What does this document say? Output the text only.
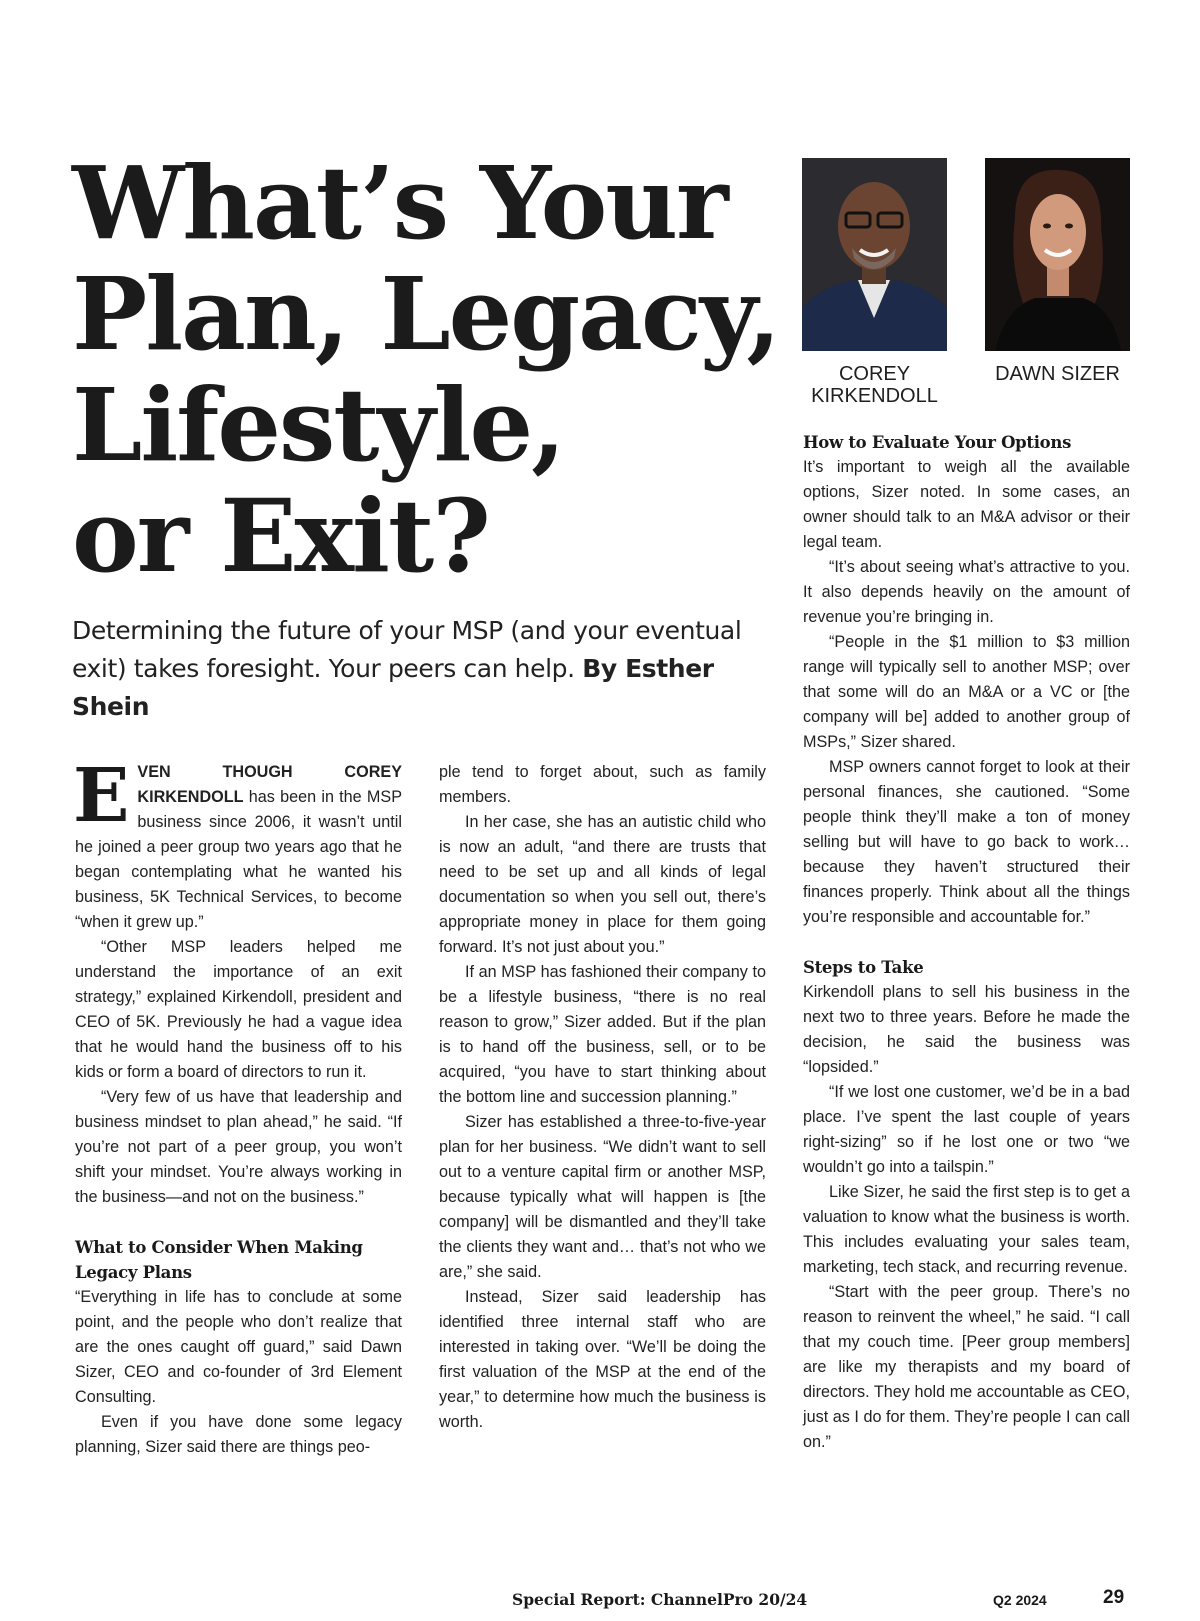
What’s Your
Plan, Legacy,
Lifestyle,
or Exit?
Determining the future of your MSP (and your eventual exit) takes foresight. Your peers can help. By Esther Shein
COREY KIRKENDOLL
DAWN SIZER

EVEN THOUGH COREY KIRKENDOLL has been in the MSP business since 2006, it wasn’t until he joined a peer group two years ago that he began contemplating what he wanted his business, 5K Technical Services, to become “when it grew up.”

“Other MSP leaders helped me understand the importance of an exit strategy,” explained Kirkendoll, president and CEO of 5K. Previously he had a vague idea that he would hand the business off to his kids or form a board of directors to run it.

“Very few of us have that leadership and business mindset to plan ahead,” he said. “If you’re not part of a peer group, you won’t shift your mindset. You’re always working in the business—and not on the business.”

What to Consider When Making Legacy Plans

“Everything in life has to conclude at some point, and the people who don’t realize that are the ones caught off guard,” said Dawn Sizer, CEO and co-founder of 3rd Element Consulting.

Even if you have done some legacy planning, Sizer said there are things peo-

ple tend to forget about, such as family members.

In her case, she has an autistic child who is now an adult, “and there are trusts that need to be set up and all kinds of legal documentation so when you sell out, there’s appropriate money in place for them going forward. It’s not just about you.”

If an MSP has fashioned their company to be a lifestyle business, “there is no real reason to grow,” Sizer added. But if the plan is to hand off the business, sell, or to be acquired, “you have to start thinking about the bottom line and succession planning.”

Sizer has established a three-to-five-year plan for her business. “We didn’t want to sell out to a venture capital firm or another MSP, because typically what will happen is [the company] will be dismantled and they’ll take the clients they want and… that’s not who we are,” she said.

Instead, Sizer said leadership has identified three internal staff who are interested in taking over. “We’ll be doing the first valuation of the MSP at the end of the year,” to determine how much the business is worth.

How to Evaluate Your Options

It’s important to weigh all the available options, Sizer noted. In some cases, an owner should talk to an M&A advisor or their legal team.

“It’s about seeing what’s attractive to you. It also depends heavily on the amount of revenue you’re bringing in.

“People in the $1 million to $3 million range will typically sell to another MSP; over that some will do an M&A or a VC or [the company will be] added to another group of MSPs,” Sizer shared.

MSP owners cannot forget to look at their personal finances, she cautioned. “Some people think they’ll make a ton of money selling but will have to go back to work… because they haven’t structured their finances properly. Think about all the things you’re responsible and accountable for.”

Steps to Take

Kirkendoll plans to sell his business in the next two to three years. Before he made the decision, he said the business was “lopsided.”

“If we lost one customer, we’d be in a bad place. I’ve spent the last couple of years right-sizing” so if he lost one or two “we wouldn’t go into a tailspin.”

Like Sizer, he said the first step is to get a valuation to know what the business is worth. This includes evaluating your sales team, marketing, tech stack, and recurring revenue.

“Start with the peer group. There’s no reason to reinvent the wheel,” he said. “I call that my couch time. [Peer group members] are like my therapists and my board of directors. They hold me accountable as CEO, just as I do for them. They’re people I can call on.”

Special Report: ChannelPro 20/24	Q2 2024	29
